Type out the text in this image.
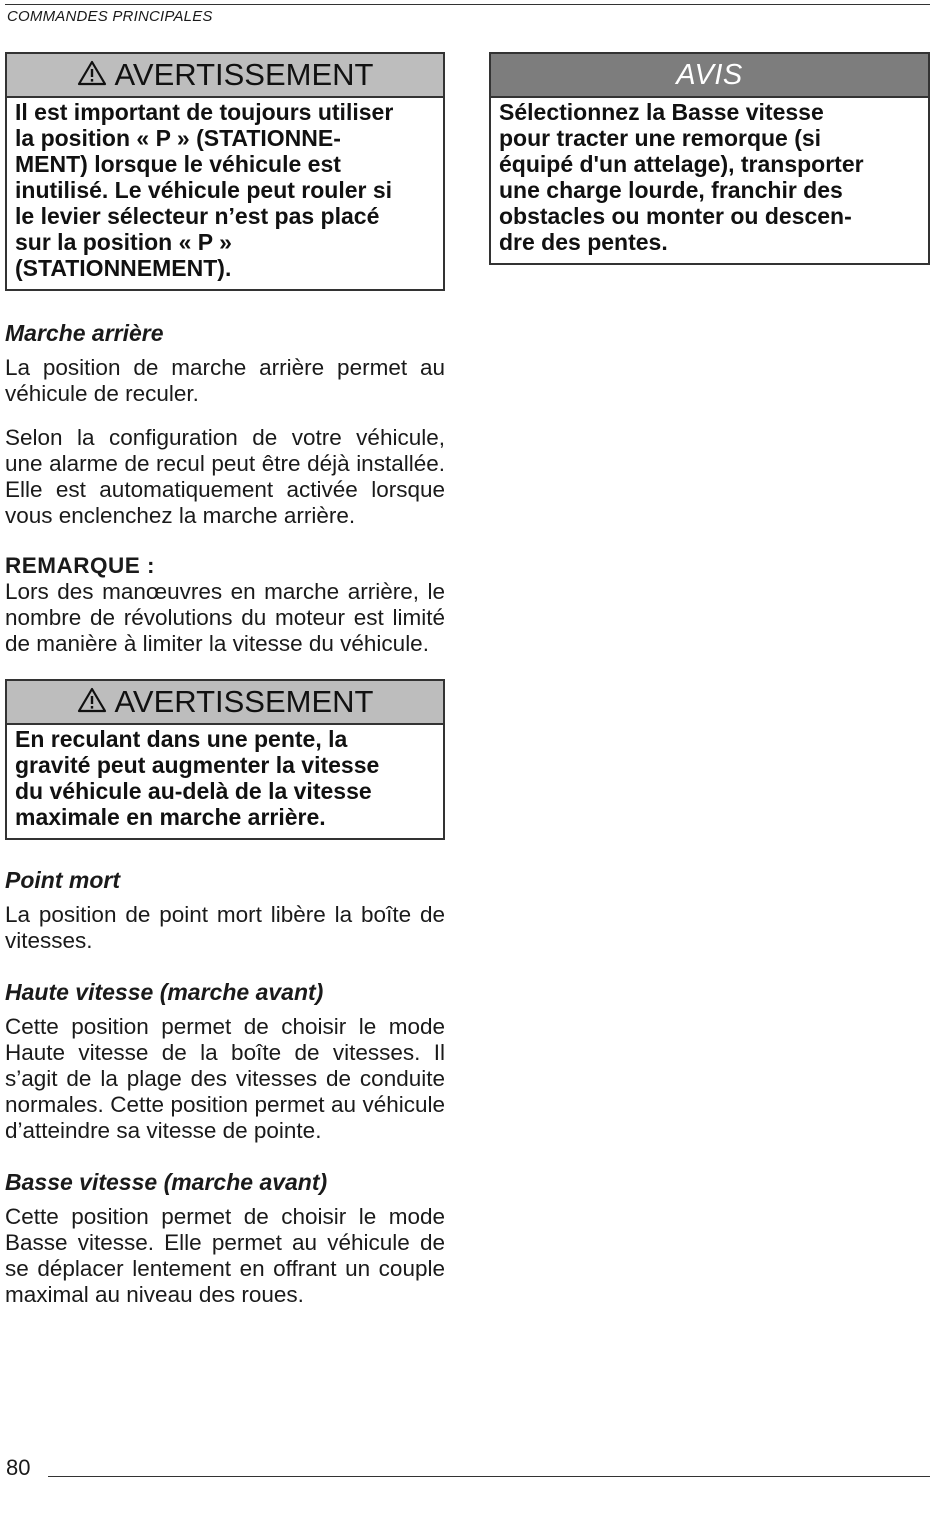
COMMANDES PRINCIPALES
AVERTISSEMENT
Il est important de toujours utiliser
la position « P » (STATIONNE-
MENT) lorsque le véhicule est
inutilisé. Le véhicule peut rouler si
le levier sélecteur n’est pas placé
sur la position « P »
(STATIONNEMENT).
Marche arrière
La position de marche arrière permet au véhicule de reculer.
Selon la configuration de votre véhicule, une alarme de recul peut être déjà installée. Elle est automatiquement activée lorsque vous enclenchez la marche arrière.
REMARQUE :
Lors des manœuvres en marche arrière, le nombre de révolutions du moteur est limité de manière à limiter la vitesse du véhicule.
AVERTISSEMENT
En reculant dans une pente, la
gravité peut augmenter la vitesse
du véhicule au-delà de la vitesse
maximale en marche arrière.
Point mort
La position de point mort libère la boîte de vitesses.
Haute vitesse (marche avant)
Cette position permet de choisir le mode Haute vitesse de la boîte de vitesses. Il s’agit de la plage des vitesses de conduite normales. Cette position permet au véhicule d’atteindre sa vitesse de pointe.
Basse vitesse (marche avant)
Cette position permet de choisir le mode Basse vitesse. Elle permet au véhicule de se déplacer lentement en offrant un couple maximal au niveau des roues.
AVIS
Sélectionnez la Basse vitesse
pour tracter une remorque (si
équipé d'un attelage), transporter
une charge lourde, franchir des
obstacles ou monter ou descen-
dre des pentes.
80
